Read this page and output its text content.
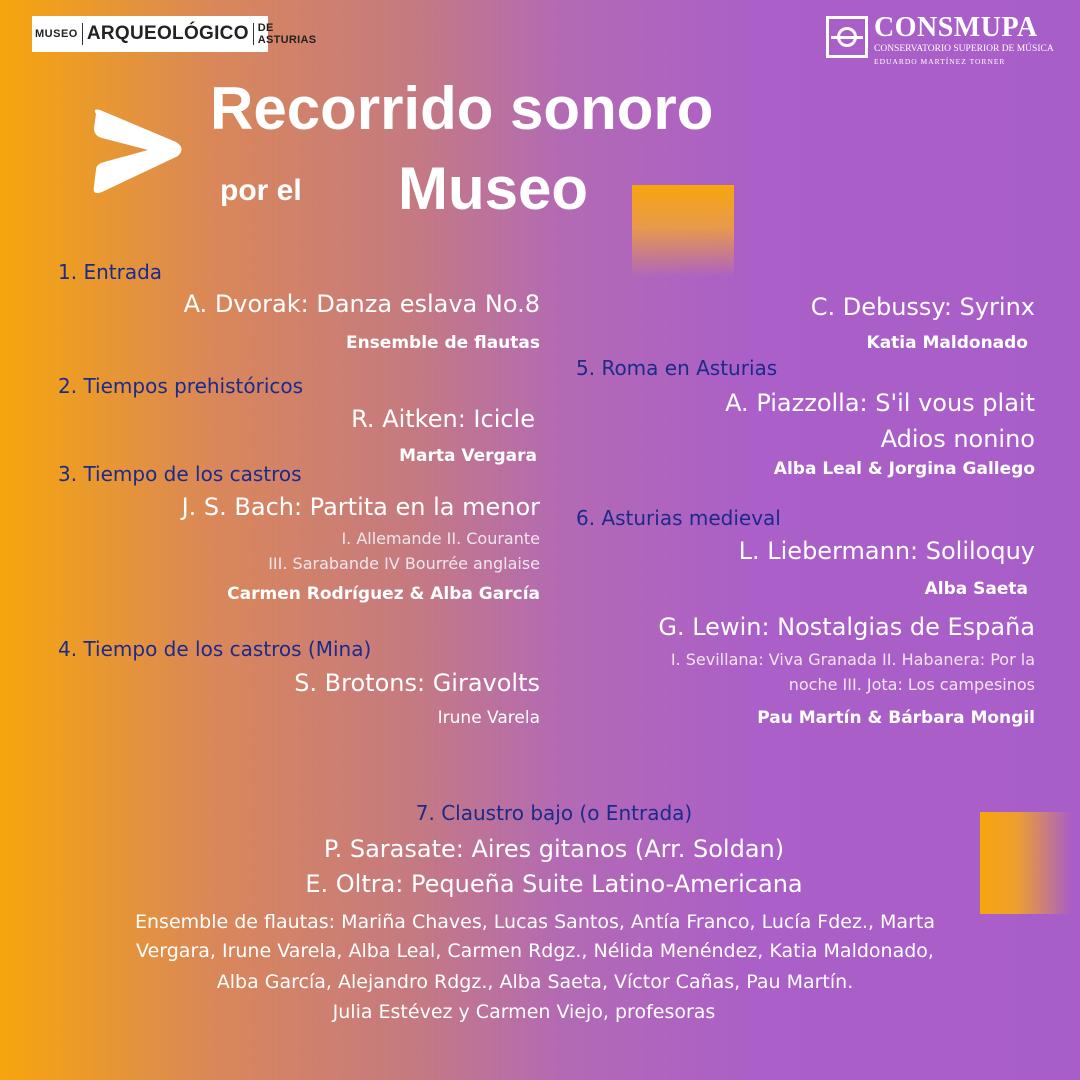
MUSEO ARQUEOLÓGICO DE ASTURIAS	CONSMUPA
CONSERVATORIO SUPERIOR DE MÚSICA
EDUARDO MARTÍNEZ TORNER
Recorrido sonoro
por el Museo
1. Entrada
A. Dvorak: Danza eslava No.8
Ensemble de flautas
2. Tiempos prehistóricos
R. Aitken: Icicle
Marta Vergara
3. Tiempo de los castros
J. S. Bach: Partita en la menor
I. Allemande II. Courante
III. Sarabande IV Bourrée anglaise
Carmen Rodríguez & Alba García
4. Tiempo de los castros (Mina)
S. Brotons: Giravolts
Irune Varela
C. Debussy: Syrinx
Katia Maldonado
5. Roma en Asturias
A. Piazzolla: S'il vous plait
Adios nonino
Alba Leal & Jorgina Gallego
6. Asturias medieval
L. Liebermann: Soliloquy
Alba Saeta
G. Lewin: Nostalgias de España
I. Sevillana: Viva Granada II. Habanera: Por la
noche III. Jota: Los campesinos
Pau Martín & Bárbara Mongil
7. Claustro bajo (o Entrada)
P. Sarasate: Aires gitanos (Arr. Soldan)
E. Oltra: Pequeña Suite Latino-Americana
Ensemble de flautas: Mariña Chaves, Lucas Santos, Antía Franco, Lucía Fdez., Marta
Vergara, Irune Varela, Alba Leal, Carmen Rdgz., Nélida Menéndez, Katia Maldonado,
Alba García, Alejandro Rdgz., Alba Saeta, Víctor Cañas, Pau Martín.
Julia Estévez y Carmen Viejo, profesoras
